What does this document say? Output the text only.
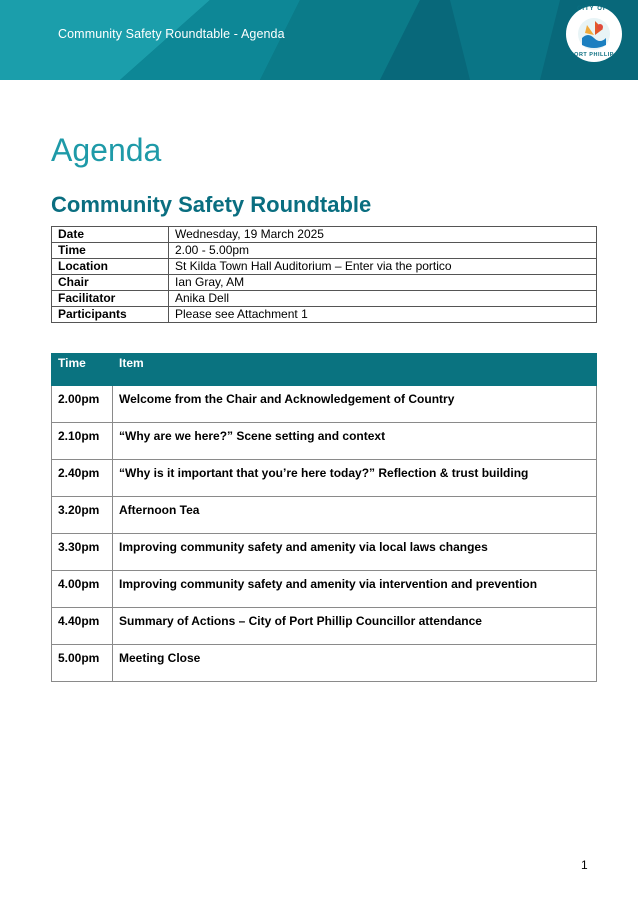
Community Safety Roundtable - Agenda
CITY OF
PORT PHILLIP
Agenda
Community Safety Roundtable
Date	Wednesday, 19 March 2025
Time	2.00 - 5.00pm
Location	St Kilda Town Hall Auditorium – Enter via the portico
Chair	Ian Gray, AM
Facilitator	Anika Dell
Participants	Please see Attachment 1
Time	Item
2.00pm	Welcome from the Chair and Acknowledgement of Country
2.10pm	“Why are we here?” Scene setting and context
2.40pm	“Why is it important that you’re here today?” Reflection & trust building
3.20pm	Afternoon Tea
3.30pm	Improving community safety and amenity via local laws changes
4.00pm	Improving community safety and amenity via intervention and prevention
4.40pm	Summary of Actions – City of Port Phillip Councillor attendance
5.00pm	Meeting Close
1
